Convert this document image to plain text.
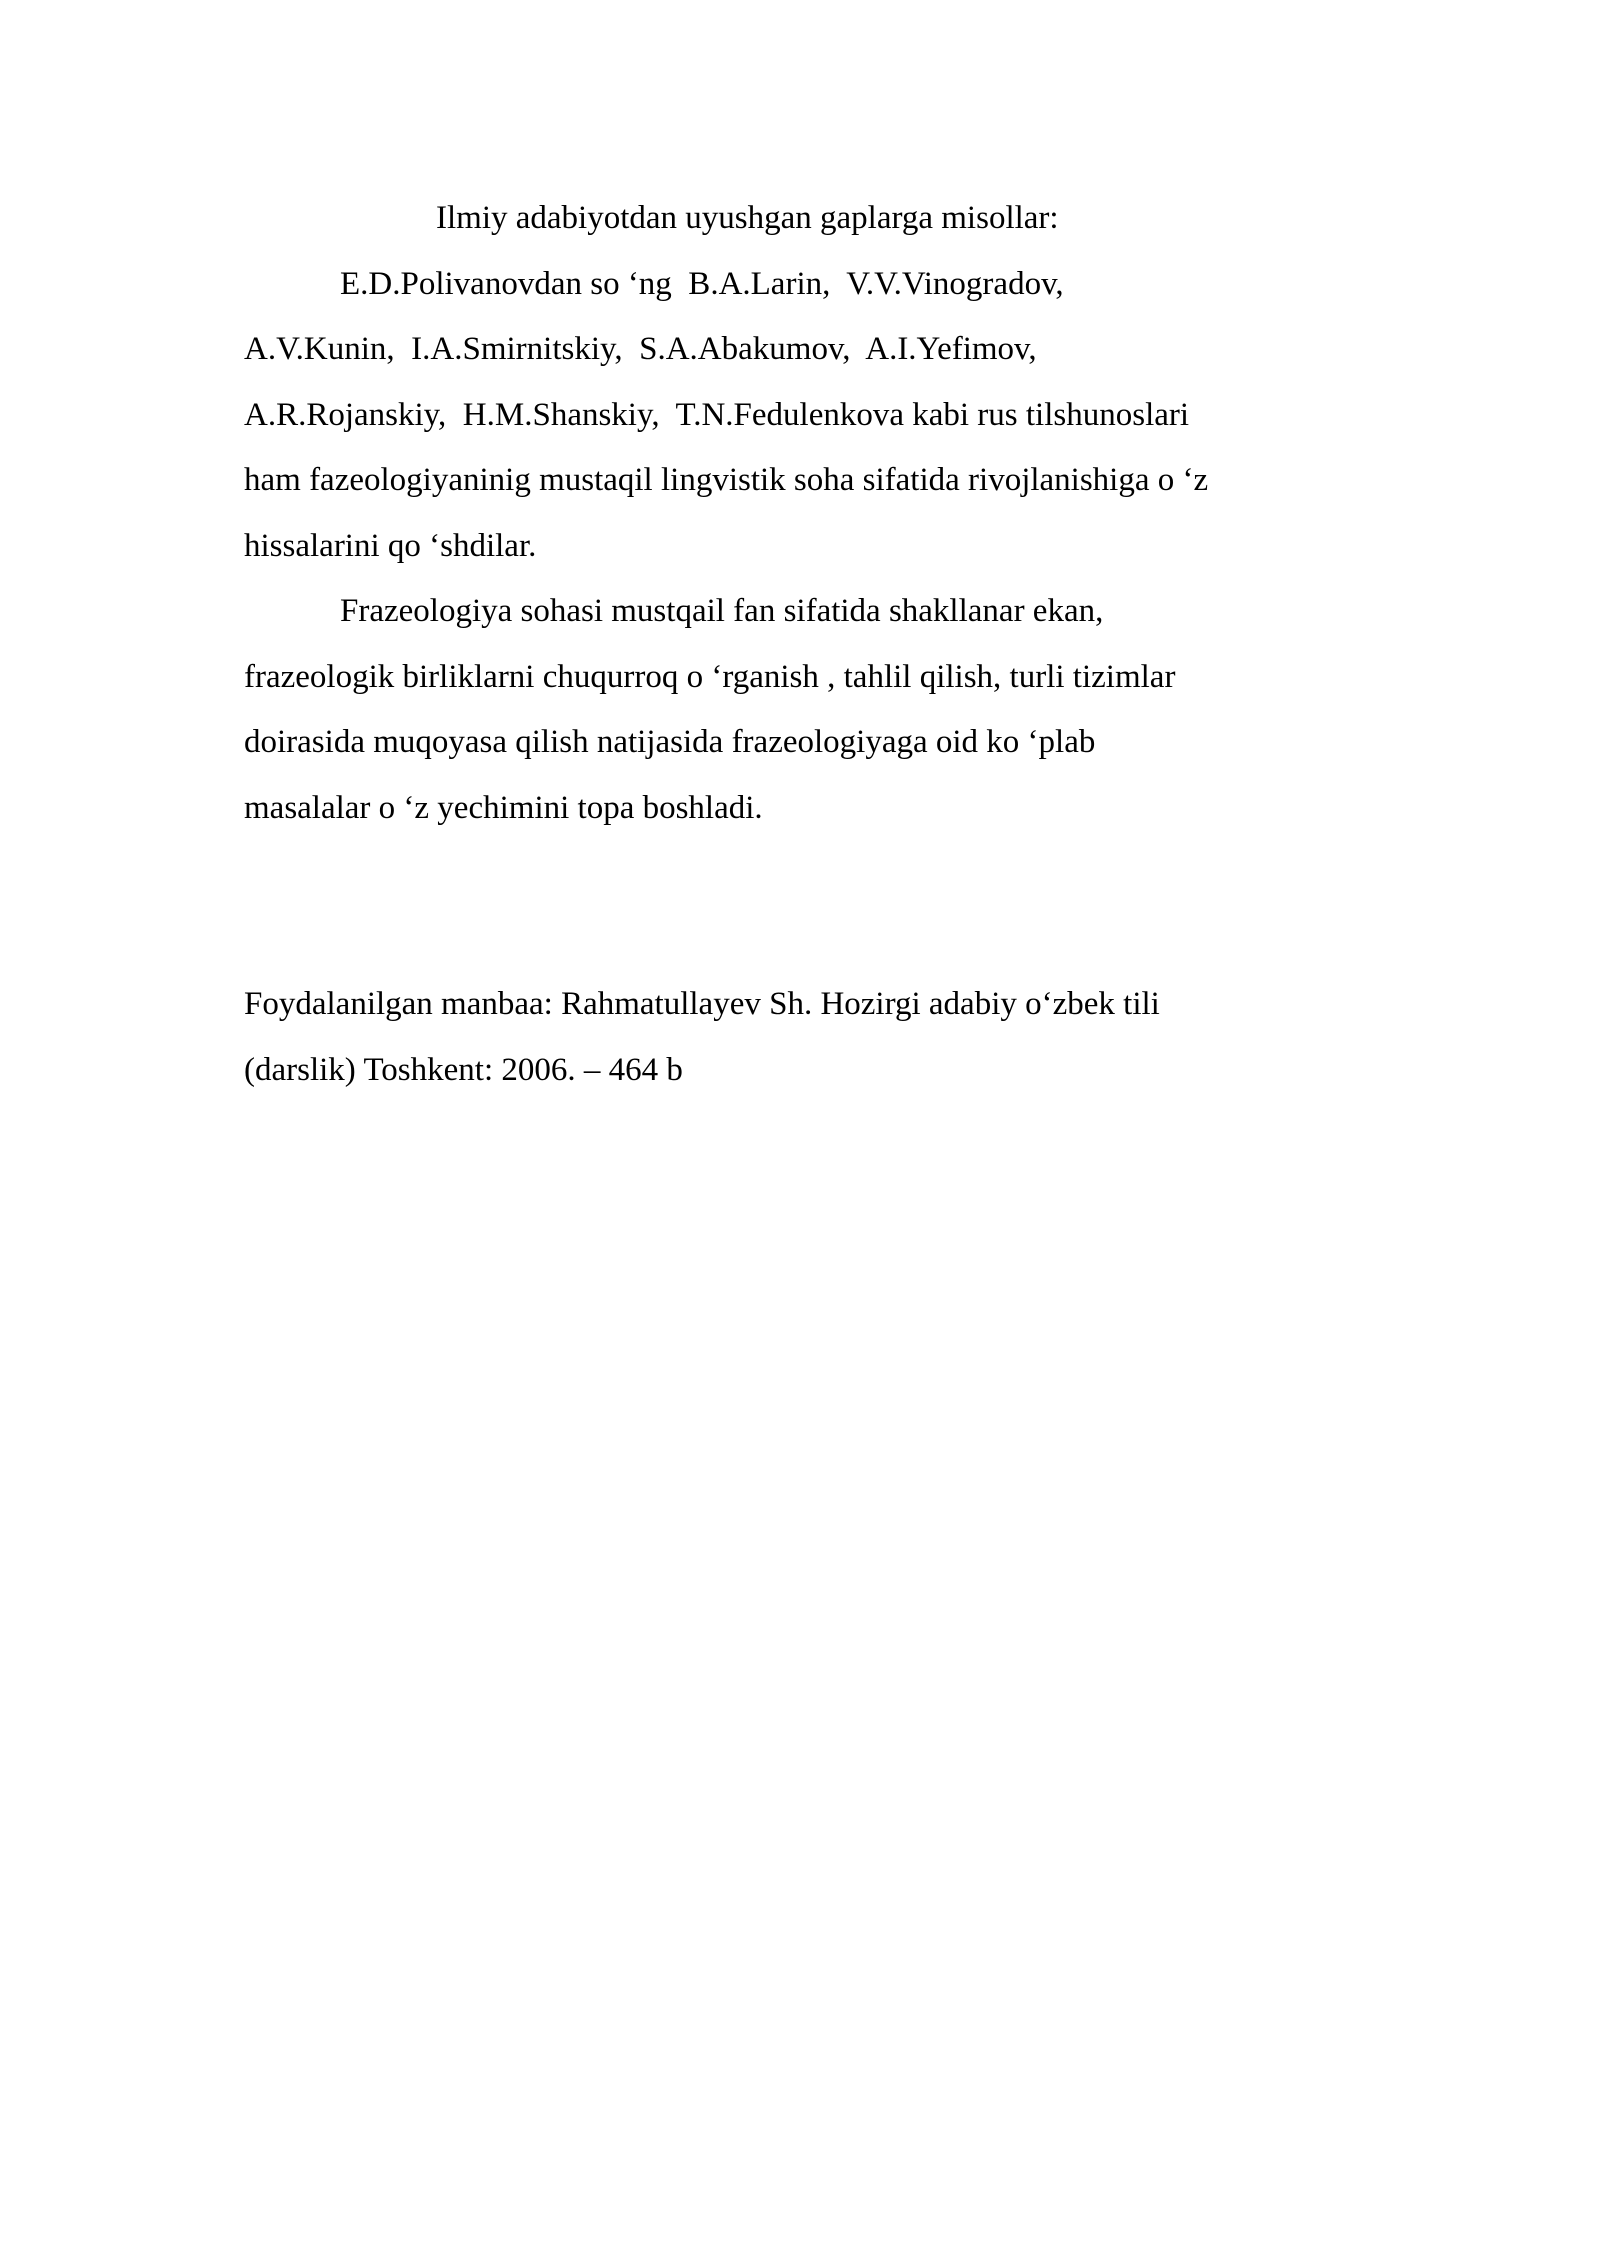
Ilmiy adabiyotdan uyushgan gaplarga misollar:
E.D.Polivanovdan so ‘ng  B.A.Larin,  V.V.Vinogradov,
A.V.Kunin,  I.A.Smirnitskiy,  S.A.Abakumov,  A.I.Yefimov,
A.R.Rojanskiy,  H.M.Shanskiy,  T.N.Fedulenkova kabi rus tilshunoslari
ham fazeologiyaninig mustaqil lingvistik soha sifatida rivojlanishiga o ‘z
hissalarini qo ‘shdilar.
Frazeologiya sohasi mustqail fan sifatida shakllanar ekan,
frazeologik birliklarni chuqurroq o ‘rganish , tahlil qilish, turli tizimlar
doirasida muqoyasa qilish natijasida frazeologiyaga oid ko ‘plab
masalalar o ‘z yechimini topa boshladi.
Foydalanilgan manbaa: Rahmatullayev Sh. Hozirgi adabiy o‘zbek tili
(darslik) Toshkent: 2006. – 464 b
